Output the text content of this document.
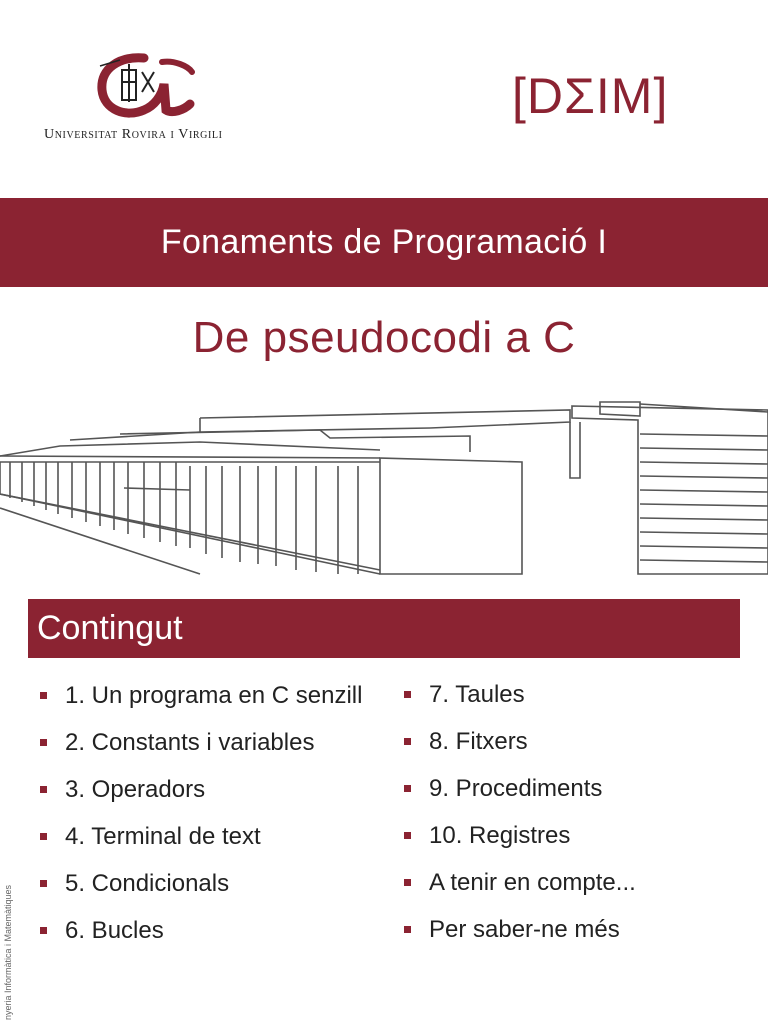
Universitat Rovira i Virgili
[DΣIM]
Fonaments de Programació I
De pseudocodi a C
Contingut
1. Un programa en C senzill
2. Constants i variables
3. Operadors
4. Terminal de text
5. Condicionals
6. Bucles
7. Taules
8. Fitxers
9. Procediments
10. Registres
A tenir en compte...
Per saber-ne més
nyeria Informàtica i Matemàtiques
